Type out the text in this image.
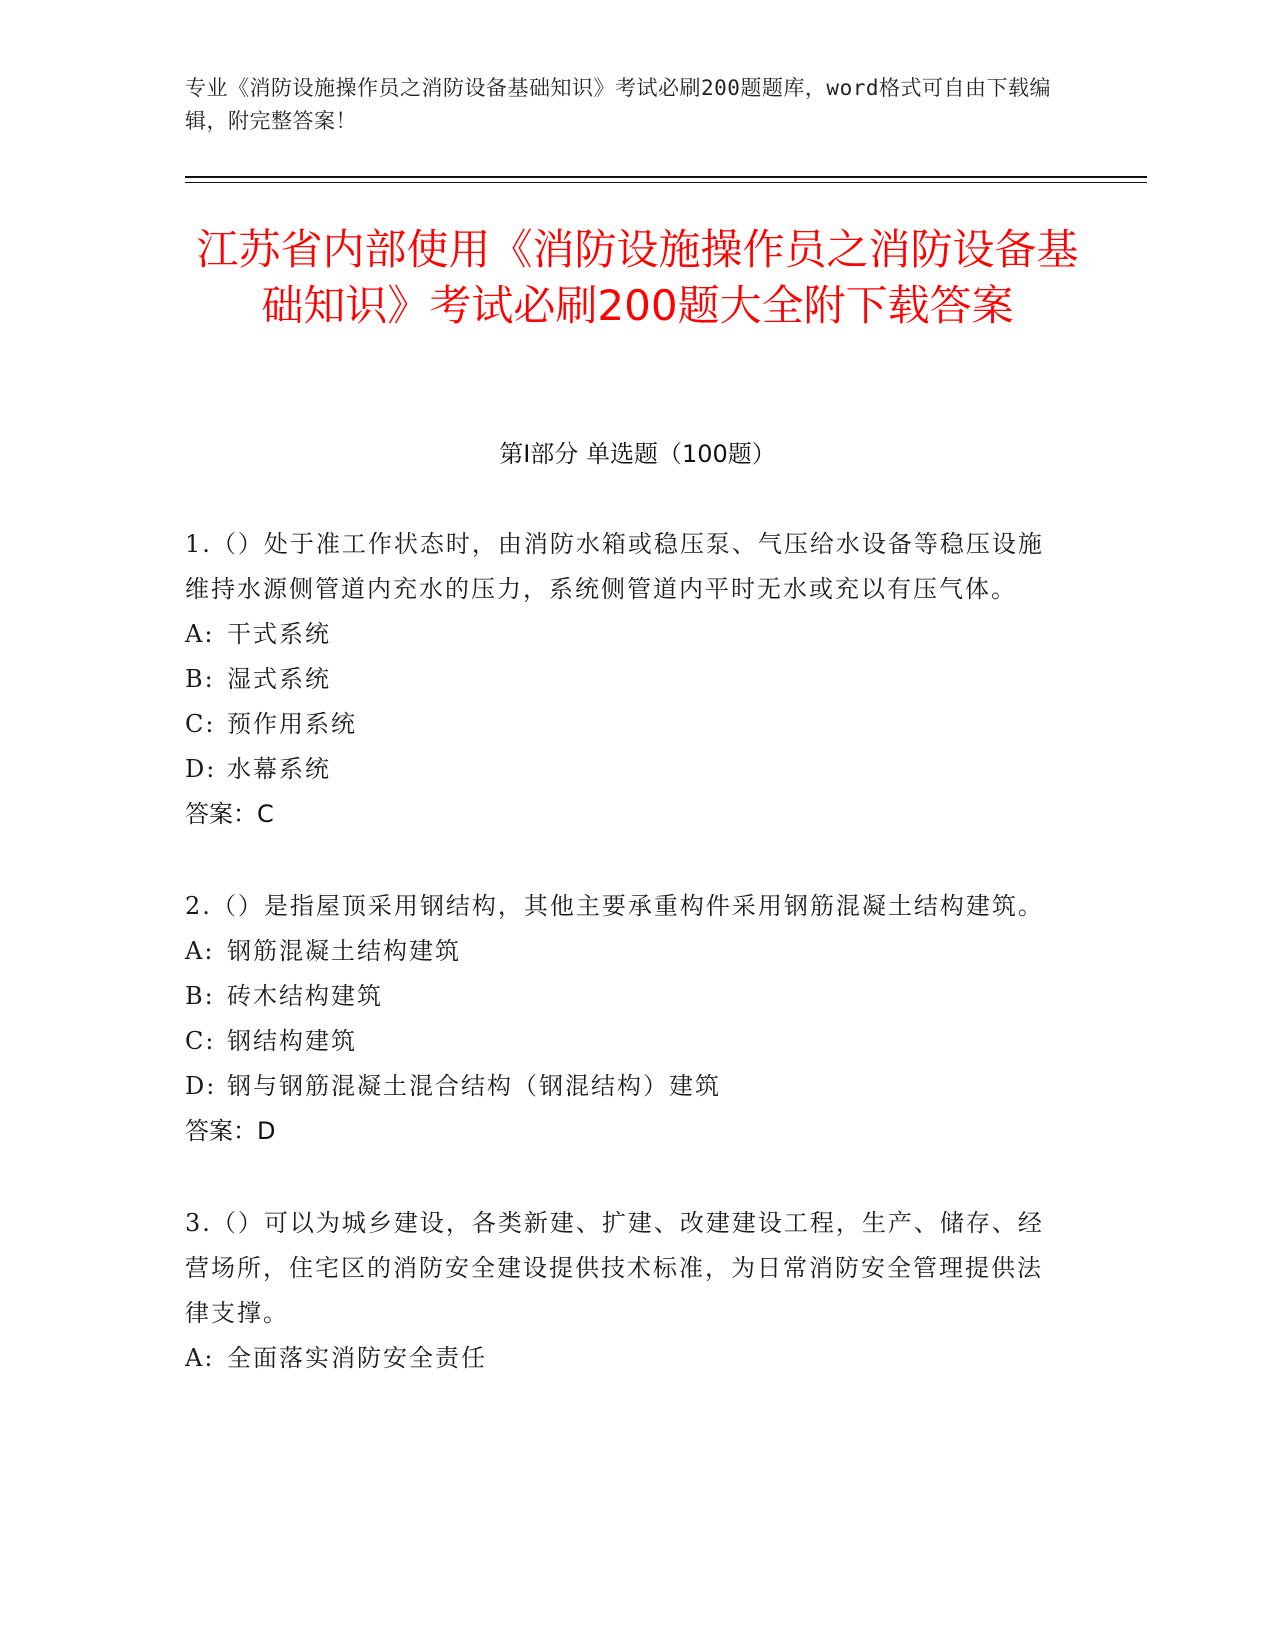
专业《消防设施操作员之消防设备基础知识》考试必刷200题题库，word格式可自由下载编辑，附完整答案！
江苏省内部使用《消防设施操作员之消防设备基础知识》考试必刷200题大全附下载答案
第I部分 单选题（100题）

1.（）处于准工作状态时，由消防水箱或稳压泵、气压给水设备等稳压设施维持水源侧管道内充水的压力，系统侧管道内平时无水或充以有压气体。

A: 干式系统

B: 湿式系统

C: 预作用系统

D: 水幕系统

答案：C

2.（）是指屋顶采用钢结构，其他主要承重构件采用钢筋混凝土结构建筑。

A: 钢筋混凝土结构建筑

B: 砖木结构建筑

C: 钢结构建筑

D: 钢与钢筋混凝土混合结构（钢混结构）建筑

答案：D

3.（）可以为城乡建设，各类新建、扩建、改建建设工程，生产、储存、经营场所，住宅区的消防安全建设提供技术标准，为日常消防安全管理提供法律支撑。

A: 全面落实消防安全责任
